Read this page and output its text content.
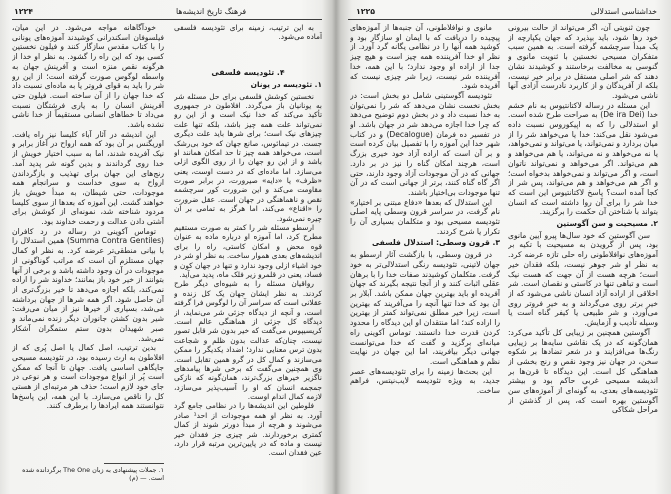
۱۲۲۴	فرهنگ تاریخ اندیشه‌ها

به این ترتیب، زمینه برای تئودیسه فلسفی آماده می‌شود.

۴. تئودیسه فلسفی
۱. تئودیسه در یونان

نخستین کوشش فلسفی برای حل مسئله شر به یونانیان باز می‌گردد. افلاطون در جمهوری تأکید می‌کند که خدا نیک است و از این رو نمی‌تواند علت همه چیز باشد، بلکه تنها علت چیزهای نیک است؛ برای شرها باید علت دیگری جست. در تیمائوس، صانع جهان که خود بی‌رشک است، می‌خواهد همه چیز تا حد امکان همانند او باشد و از این رو جهان را از روی الگوی ازلی می‌سازد. اما ماده‌ای که در دست اوست، یعنی «ظرف» یا «دایه» صیرورت، در برابر صورت مقاومت می‌کند و این ضرورت کور سرچشمه نقص و ناهماهنگی در جهان است. عقل ضرورت را «اقناع» می‌کند، اما هرگز به تمامی بر آن چیره نمی‌شود.

ارسطو مسئله شر را کمتر به صورت مستقیم مطرح کرد، اما آموزه او درباره ماده به عنوان قوه محض و امکان کاستی، راه را برای اندیشه‌های بعدی هموار ساخت. به نظر او شر در خود اشیاء ازلی وجود ندارد و تنها در جهان کون و فساد، یعنی در قلمرو زیر فلک ماه، پدید می‌آید.

رواقیان مسئله را به شیوه‌ای دیگر طرح کردند. به نظر ایشان جهان یک کل زنده و عقلانی است که سراسر آن را لوگوس فرا گرفته است، و آنچه از دیدگاه جزئی شر می‌نماید، از دیدگاه کل جزئی از هماهنگی عالم است. کریسیپوس می‌گفت که خیر بدون شر قابل تصور نیست، چنان‌که عدالت بدون ظلم و شجاعت بدون ترس معنایی ندارد؛ اضداد یکدیگر را ممکن می‌سازند و کمال کل در گرو همین تقابل است. وی همچنین می‌گفت که برخی شرها پیامدهای ناگزیر خیرهای بزرگ‌ترند، همان‌گونه که نازکی جمجمه انسان که او را آسیب‌پذیر می‌سازد، لازمه کمال اندام اوست.

فلوطین این اندیشه‌ها را در نظامی جامع گرد آورد. به نظر او همه موجودات از احد¹ صادر می‌شوند و هرچه از مبدأ دورتر شوند از کمال کمتری برخوردارند. شر چیزی جز فقدان خیر نیست و ماده که در پایین‌ترین مرتبه قرار دارد، عین فقدان است.

خودآگاهانه مواجه می‌شود. در این میان، فیلسوفان اسکندرانی کوشیدند آموزه‌های یونانی را با کتاب مقدس سازگار کنند و فیلون نخستین کسی بود که این راه را گشود. به نظر او خدا از هرگونه نقص منزه است و آفرینش جهان به واسطه لوگوس صورت گرفته است؛ از این رو شر را باید به قوای فروتر یا به ماده‌ای نسبت داد که خدا جهان را از آن ساخته است. فیلون حتی آفرینش انسان را به یاری فرشتگان نسبت می‌داد تا خطاهای انسانی مستقیماً از خدا ناشی نشده باشد.

این اندیشه در آثار آباء کلیسا نیز راه یافت. اوریگنس بر آن بود که همه ارواح در آغاز برابر و نیک آفریده شدند، اما به سبب اختیار خویش از خدا روی گرداندند و بدین گونه شر پدید آمد. رنج‌های این جهان برای تهذیب و بازگرداندن ارواح به سوی خداست و سرانجام همه موجودات، حتی شیطان، به مبدأ خویش باز خواهند گشت. این آموزه که بعدها از سوی کلیسا مردود شناخته شد، نمونه‌ای از کوشش برای آشتی دادن عدالت و رحمت خداوند بود.

توماس آکوینی در رساله در رد کافران (Summa Contra Gentiles) همین استدلال را با بیانی منطقی‌تر عرضه کرد. به نظر او کمال جهان مستلزم آن است که مراتب گوناگونی از موجودات در آن وجود داشته باشد و برخی از آنها بتوانند از خیر خود باز بمانند؛ خداوند شر را اراده نمی‌کند، بلکه اجازه می‌دهد تا خیر بزرگ‌تری از آن حاصل شود. اگر همه شرها از جهان برداشته می‌شد، بسیاری از خیرها نیز از میان می‌رفت: شیر بدون کشتن جانوران دیگر زنده نمی‌ماند و صبر شهیدان بدون ستم ستمگران آشکار نمی‌شد.

بدین ترتیب، اصل کمال یا اصل پُری که از افلاطون به ارث رسیده بود، در تئودیسه مسیحی جایگاهی اساسی یافت. جهان تا آنجا که ممکن است پُر از انواع موجودات است و هر نوعی در جای خود لازم است؛ حذف هر مرتبه‌ای از هستی کل را ناقص می‌سازد. با این همه، این پاسخ‌ها نتوانستند همه ایرادها را برطرف کنند.

۱. جملات پیشنهادی به زبان The One برگردانده شده است. — (م)
۱۲۲۵	خداشناسی استدلالی

چون ثنویتی آن، اگر می‌تواند از حالت بیرونی خود رها شود، باید بپذیرد که جهان یکپارچه از یک مبدأ سرچشمه گرفته است. به همین سبب متفکران مسیحی نخستین با ثنویت مانوی و گنوسی به مخالفت برخاستند و کوشیدند نشان دهند که شر اصلی مستقل در برابر خیر نیست، بلکه از آفریدگان و از کاربرد نادرست آزادی آنها ناشی می‌شود.

این مسئله در رساله لاکتانتیوس به نام خشم خدا (De ira Dei) به صراحت طرح شده است. او استدلالی را که به اپیکوروس نسبت داده می‌شود نقل می‌کند: خدا یا می‌خواهد شر را از میان بردارد و نمی‌تواند، یا می‌تواند و نمی‌خواهد، یا نه می‌خواهد و نه می‌تواند، یا هم می‌خواهد و هم می‌تواند. اگر می‌خواهد و نمی‌تواند ناتوان است، و اگر می‌تواند و نمی‌خواهد بدخواه است؛ و اگر هم می‌خواهد و هم می‌تواند، پس شر از کجا آمده است؟ پاسخ لاکتانتیوس این است که خدا شر را برای آن روا داشته است که انسان بتواند با شناختن آن حکمت را برگزیند.

۲. مسیحیت و سن آگوستین

سن آگوستین که خود سال‌ها پیرو آیین مانوی بود، پس از گرویدن به مسیحیت با تکیه بر آموزه‌های نوافلاطونی راه حلی تازه عرضه کرد. به نظر او شر جوهر نیست، بلکه فقدان خیر است؛ هرچه هست از آن جهت که هست نیک است و تباهی تنها در کاستی و نقصان است. شر اخلاقی از اراده آزاد انسان ناشی می‌شود که از خیر برتر روی می‌گرداند و به خیر فروتر روی می‌آورد، و شر طبیعی یا کیفر گناه است یا وسیله تأدیب و آزمایش.

آگوستین همچنین بر زیبایی کل تأکید می‌کرد: همان‌گونه که در یک نقاشی سایه‌ها بر زیبایی رنگ‌ها می‌افزایند و در شعر تضادها بر شکوه سخن، در جهان نیز وجود نقص و رنج بخشی از هماهنگی کل است. این دیدگاه تا قرن‌ها بر اندیشه مسیحی غربی حاکم بود و بیشتر تئودیسه‌های بعدی، به گونه‌ای از آموزه‌های سن آگوستین بهره است که، پس از گذشتن از مراحل شکاکی

مانوی و نوافلاطونی، آن جنبه‌ها از آموزه‌های پیچیده را دریافت که با ایمان او سازگار بود و کوشید همه آنها را در نظامی یگانه گرد آورد. از نظر او خدا آفریننده همه چیز است و هیچ چیز جدا از اراده او وجود ندارد؛ با این همه، خدا آفریننده شر نیست، زیرا شر چیزی نیست که آفریده شود.

تئودیسه آگوستینی شامل دو بخش است: در بخش نخست نشان می‌دهد که شر را نمی‌توان به خدا نسبت داد و در بخش دوم توضیح می‌دهد که چرا خدا اجازه می‌دهد شر در جهان باشد. او در تفسیر ده فرمان (Decalogue) و در کتاب شهر خدا این آموزه را با تفصیل بیان کرده است و بر آن است که اراده آزاد خود خیری بزرگ است، هرچند امکان گناه را نیز در بر دارد. جهانی که در آن موجودات آزاد وجود دارند، حتی اگر گاه گناه کنند، برتر از جهانی است که در آن تنها موجودات بی‌اختیار باشند.

این استدلال که بعدها «دفاع مبتنی بر اختیار» نام گرفت، در سراسر قرون وسطی پایه اصلی تئودیسه مسیحی بود و متکلمان بسیاری آن را تکرار یا شرح کردند.

۳. قرون وسطی: استدلال فلسفی

در قرون وسطی، با بازگشت آثار ارسطو به جهان لاتینی، تئودیسه رنگی استدلالی‌تر به خود گرفت. متکلمان کوشیدند صفات خدا را با برهان عقلی اثبات کنند و از آنجا نتیجه بگیرند که جهان آفریده او باید بهترین جهان ممکن باشد. آبلار بر آن بود که خدا تنها آنچه را می‌آفریند که بهترین است، زیرا خیر مطلق نمی‌تواند کمتر از بهترین را اراده کند؛ اما منتقدان او این دیدگاه را محدود کردن قدرت خدا دانستند. توماس آکوینی راه میانه‌ای برگزید و گفت که خدا می‌توانست جهانی دیگر بیافریند، اما این جهان در نهایت نظم و هماهنگی است.

این بحث‌ها زمینه را برای تئودیسه‌های عصر جدید، به ویژه تئودیسه لایب‌نیتس، فراهم ساخت.
